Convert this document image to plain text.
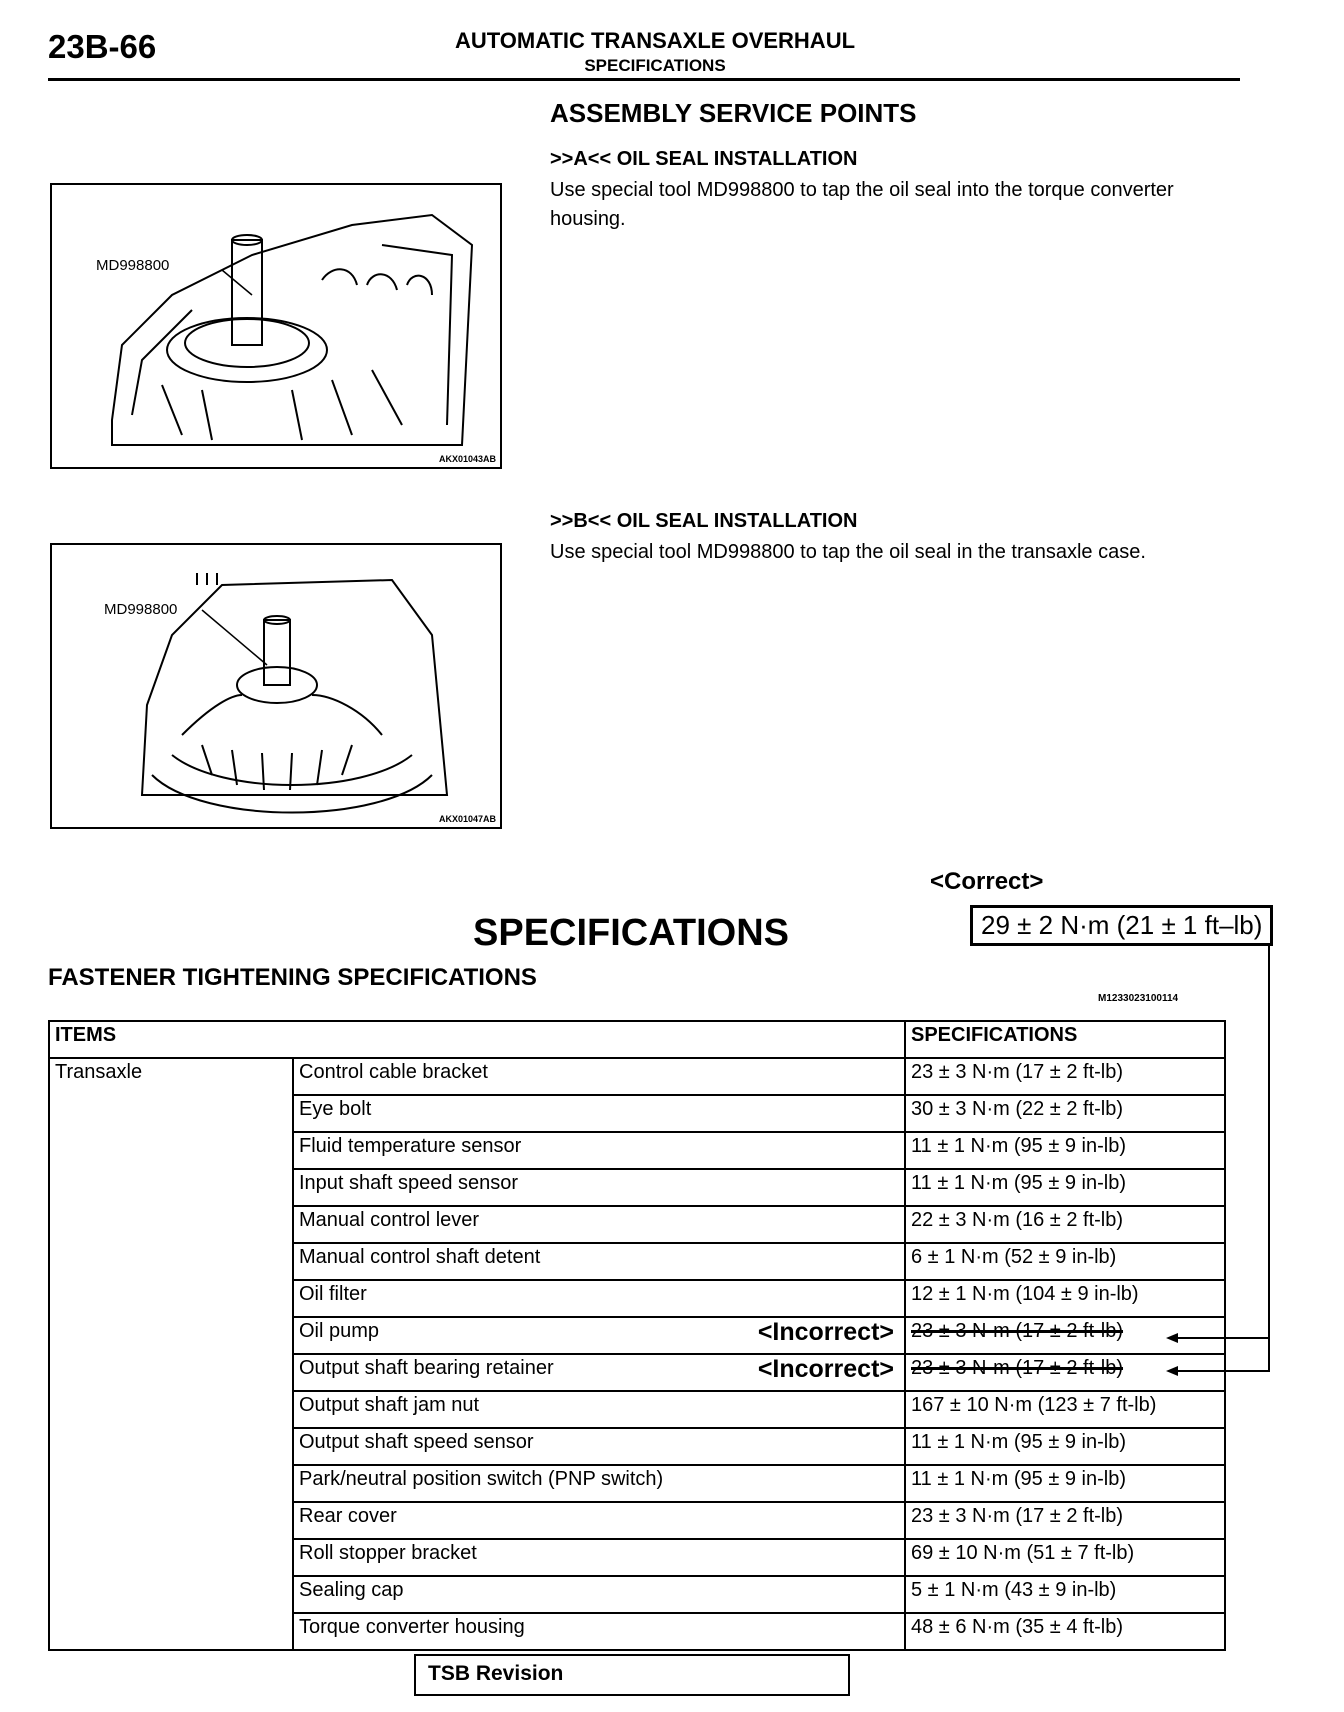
23B-66	AUTOMATIC TRANSAXLE OVERHAUL
SPECIFICATIONS
ASSEMBLY SERVICE POINTS
>>A<< OIL SEAL INSTALLATION
Use special tool MD998800 to tap the oil seal into the torque converter housing.
>>B<< OIL SEAL INSTALLATION
Use special tool MD998800 to tap the oil seal in the transaxle case.
MD998800
AKX01043AB
MD998800
AKX01047AB
<Correct>
29 ± 2 N·m (21 ± 1 ft–lb)
SPECIFICATIONS
FASTENER TIGHTENING SPECIFICATIONS
M1233023100114
ITEMS		SPECIFICATIONS
Transaxle	Control cable bracket	23 ± 3 N·m (17 ± 2 ft-lb)
	Eye bolt	30 ± 3 N·m (22 ± 2 ft-lb)
	Fluid temperature sensor	11 ± 1 N·m (95 ± 9 in-lb)
	Input shaft speed sensor	11 ± 1 N·m (95 ± 9 in-lb)
	Manual control lever	22 ± 3 N·m (16 ± 2 ft-lb)
	Manual control shaft detent	6 ± 1 N·m (52 ± 9 in-lb)
	Oil filter	12 ± 1 N·m (104 ± 9 in-lb)
	Oil pump <Incorrect>	23 ± 3 N·m (17 ± 2 ft-lb)
	Output shaft bearing retainer <Incorrect>	23 ± 3 N·m (17 ± 2 ft-lb)
	Output shaft jam nut	167 ± 10 N·m (123 ± 7 ft-lb)
	Output shaft speed sensor	11 ± 1 N·m (95 ± 9 in-lb)
	Park/neutral position switch (PNP switch)	11 ± 1 N·m (95 ± 9 in-lb)
	Rear cover	23 ± 3 N·m (17 ± 2 ft-lb)
	Roll stopper bracket	69 ± 10 N·m (51 ± 7 ft-lb)
	Sealing cap	5 ± 1 N·m (43 ± 9 in-lb)
	Torque converter housing	48 ± 6 N·m (35 ± 4 ft-lb)
TSB Revision
